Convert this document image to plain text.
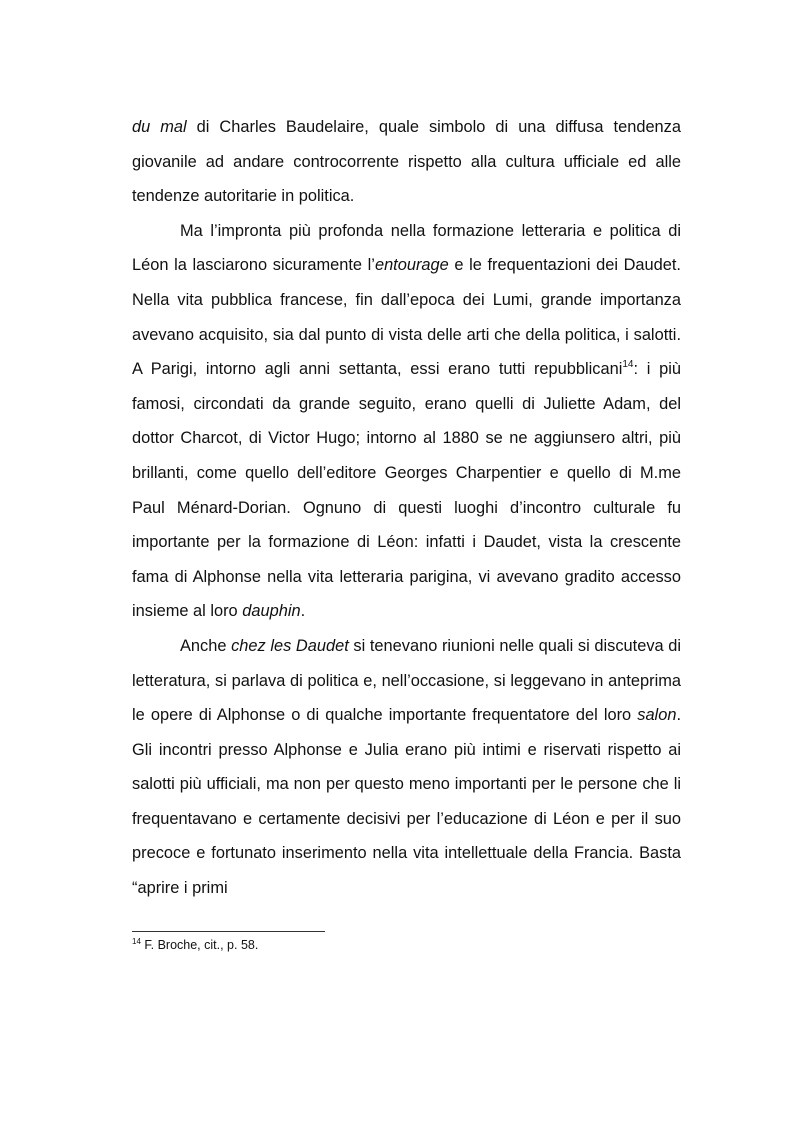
du mal di Charles Baudelaire, quale simbolo di una diffusa tendenza giovanile ad andare controcorrente rispetto alla cultura ufficiale ed alle tendenze autoritarie in politica.

Ma l’impronta più profonda nella formazione letteraria e politica di Léon la lasciarono sicuramente l’entourage e le frequentazioni dei Daudet. Nella vita pubblica francese, fin dall’epoca dei Lumi, grande importanza avevano acquisito, sia dal punto di vista delle arti che della politica, i salotti. A Parigi, intorno agli anni settanta, essi erano tutti repubblicani$^{14}$: i più famosi, circondati da grande seguito, erano quelli di Juliette Adam, del dottor Charcot, di Victor Hugo; intorno al 1880 se ne aggiunsero altri, più brillanti, come quello dell’editore Georges Charpentier e quello di M.me Paul Ménard-Dorian. Ognuno di questi luoghi d’incontro culturale fu importante per la formazione di Léon: infatti i Daudet, vista la crescente fama di Alphonse nella vita letteraria parigina, vi avevano gradito accesso insieme al loro dauphin.

Anche chez les Daudet si tenevano riunioni nelle quali si discuteva di letteratura, si parlava di politica e, nell’occasione, si leggevano in anteprima le opere di Alphonse o di qualche importante frequentatore del loro salon. Gli incontri presso Alphonse e Julia erano più intimi e riservati rispetto ai salotti più ufficiali, ma non per questo meno importanti per le persone che li frequentavano e certamente decisivi per l’educazione di Léon e per il suo precoce e fortunato inserimento nella vita intellettuale della Francia. Basta “aprire i primi

$^{14}$ F. Broche, cit., p. 58.
